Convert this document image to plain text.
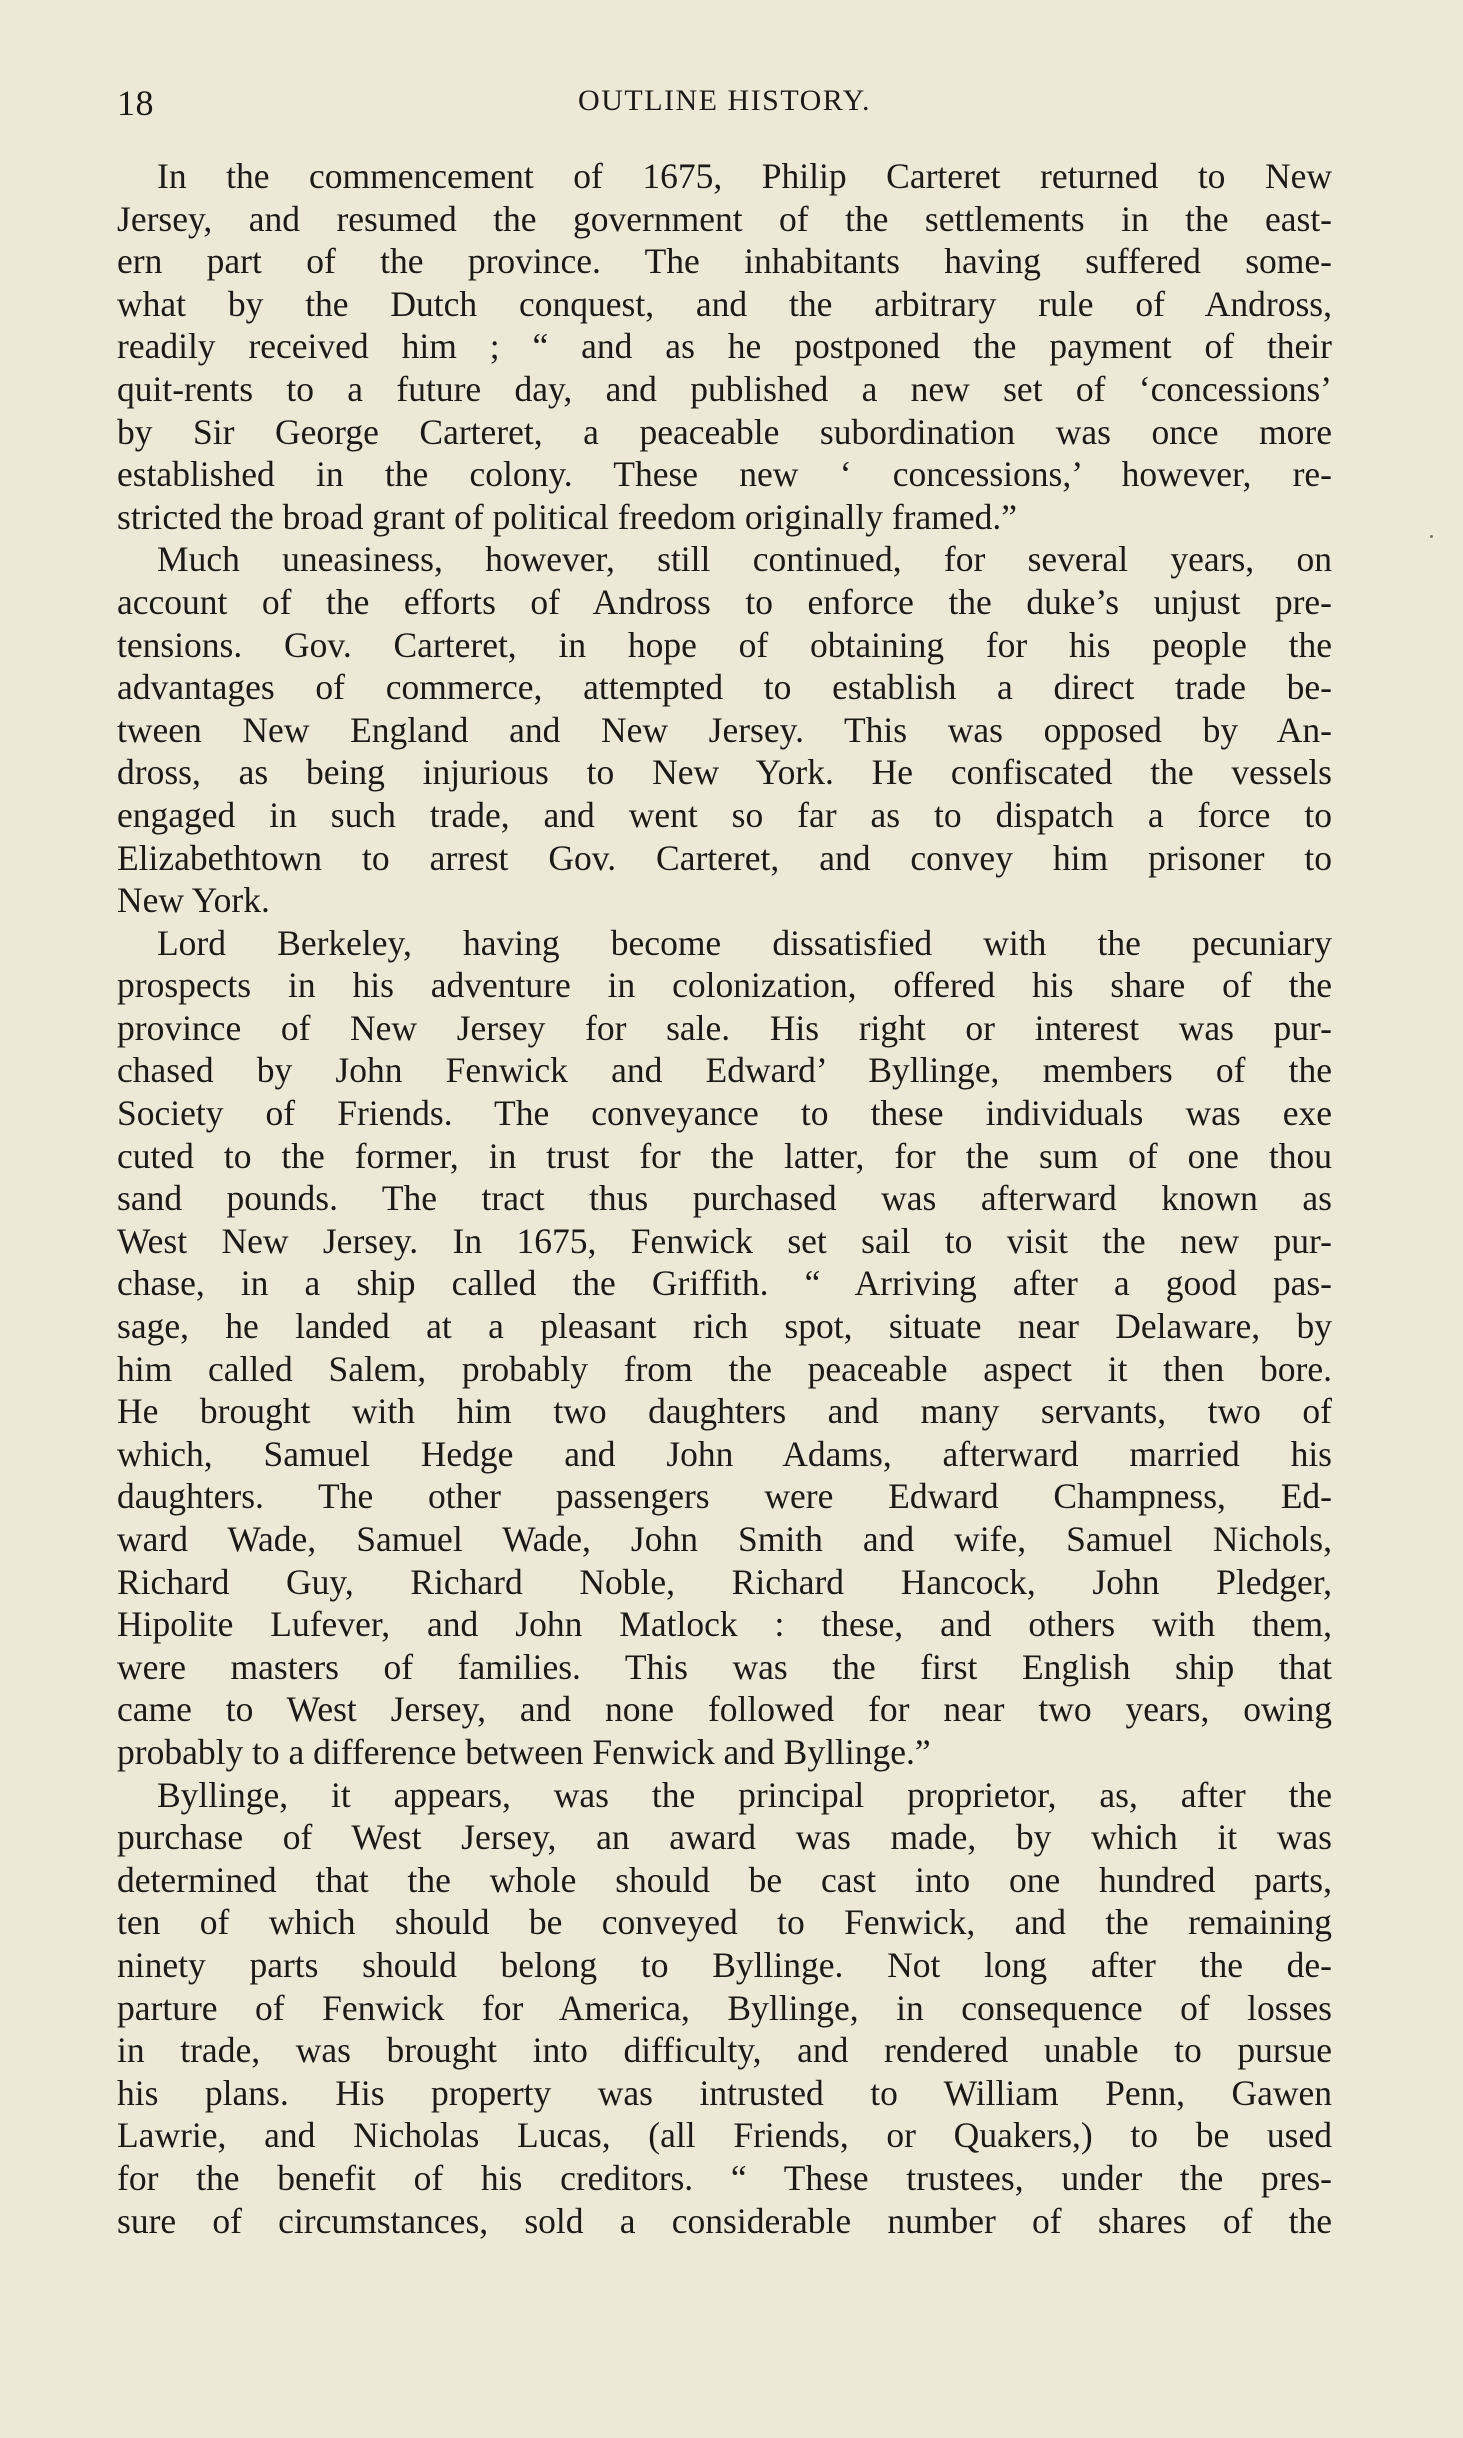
18	OUTLINE HISTORY.
In the commencement of 1675, Philip Carteret returned to New
Jersey, and resumed the government of the settlements in the east-
ern part of the province. The inhabitants having suffered some-
what by the Dutch conquest, and the arbitrary rule of Andross,
readily received him ; “ and as he postponed the payment of their
quit-rents to a future day, and published a new set of ‘concessions’
by Sir George Carteret, a peaceable subordination was once more
established in the colony. These new ‘ concessions,’ however, re-
stricted the broad grant of political freedom originally framed.”
Much uneasiness, however, still continued, for several years, on
account of the efforts of Andross to enforce the duke’s unjust pre-
tensions. Gov. Carteret, in hope of obtaining for his people the
advantages of commerce, attempted to establish a direct trade be-
tween New England and New Jersey. This was opposed by An-
dross, as being injurious to New York. He confiscated the vessels
engaged in such trade, and went so far as to dispatch a force to
Elizabethtown to arrest Gov. Carteret, and convey him prisoner to
New York.
Lord Berkeley, having become dissatisfied with the pecuniary
prospects in his adventure in colonization, offered his share of the
province of New Jersey for sale. His right or interest was pur-
chased by John Fenwick and Edward’ Byllinge, members of the
Society of Friends. The conveyance to these individuals was exe
cuted to the former, in trust for the latter, for the sum of one thou
sand pounds. The tract thus purchased was afterward known as
West New Jersey. In 1675, Fenwick set sail to visit the new pur-
chase, in a ship called the Griffith. “ Arriving after a good pas-
sage, he landed at a pleasant rich spot, situate near Delaware, by
him called Salem, probably from the peaceable aspect it then bore.
He brought with him two daughters and many servants, two of
which, Samuel Hedge and John Adams, afterward married his
daughters. The other passengers were Edward Champness, Ed-
ward Wade, Samuel Wade, John Smith and wife, Samuel Nichols,
Richard Guy, Richard Noble, Richard Hancock, John Pledger,
Hipolite Lufever, and John Matlock : these, and others with them,
were masters of families. This was the first English ship that
came to West Jersey, and none followed for near two years, owing
probably to a difference between Fenwick and Byllinge.”
Byllinge, it appears, was the principal proprietor, as, after the
purchase of West Jersey, an award was made, by which it was
determined that the whole should be cast into one hundred parts,
ten of which should be conveyed to Fenwick, and the remaining
ninety parts should belong to Byllinge. Not long after the de-
parture of Fenwick for America, Byllinge, in consequence of losses
in trade, was brought into difficulty, and rendered unable to pursue
his plans. His property was intrusted to William Penn, Gawen
Lawrie, and Nicholas Lucas, (all Friends, or Quakers,) to be used
for the benefit of his creditors. “ These trustees, under the pres-
sure of circumstances, sold a considerable number of shares of the
